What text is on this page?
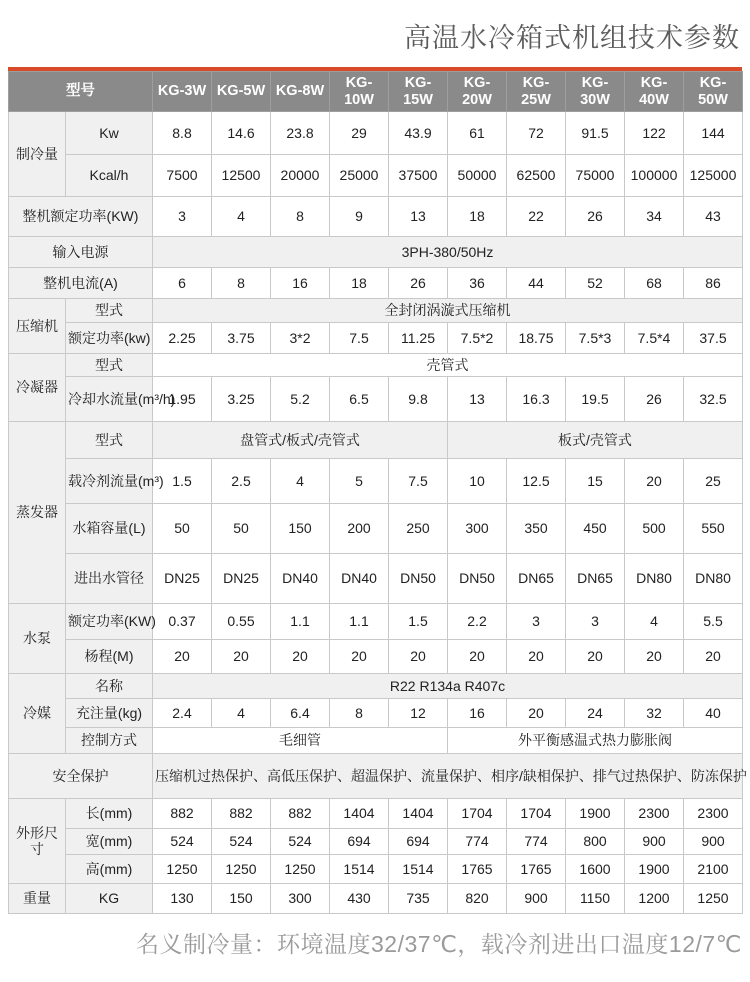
高温水冷箱式机组技术参数
型号		KG-3W	KG-5W	KG-8W	KG-10W	KG-15W	KG-20W	KG-25W	KG-30W	KG-40W	KG-50W
制冷量	Kw	8.8	14.6	23.8	29	43.9	61	72	91.5	122	144
	Kcal/h	7500	12500	20000	25000	37500	50000	62500	75000	100000	125000
整机额定功率(KW)		3	4	8	9	13	18	22	26	34	43
输入电源		3PH-380/50Hz									
整机电流(A)		6	8	16	18	26	36	44	52	68	86
压缩机	型式	全封闭涡漩式压缩机									
	额定功率(kw)	2.25	3.75	3*2	7.5	11.25	7.5*2	18.75	7.5*3	7.5*4	37.5
冷凝器	型式	壳管式									
	冷却水流量(m³/h)	1.95	3.25	5.2	6.5	9.8	13	16.3	19.5	26	32.5
蒸发器	型式	盘管式/板式/壳管式					板式/壳管式				
	载冷剂流量(m³)	1.5	2.5	4	5	7.5	10	12.5	15	20	25
	水箱容量(L)	50	50	150	200	250	300	350	450	500	550
	进出水管径	DN25	DN25	DN40	DN40	DN50	DN50	DN65	DN65	DN80	DN80
水泵	额定功率(KW)	0.37	0.55	1.1	1.1	1.5	2.2	3	3	4	5.5
	杨程(M)	20	20	20	20	20	20	20	20	20	20
冷媒	名称	R22 R134a R407c									
	充注量(kg)	2.4	4	6.4	8	12	16	20	24	32	40
	控制方式	毛细管					外平衡感温式热力膨胀阀				
安全保护		压缩机过热保护、高低压保护、超温保护、流量保护、相序/缺相保护、排气过热保护、防冻保护									
外形尺寸	长(mm)	882	882	882	1404	1404	1704	1704	1900	2300	2300
	宽(mm)	524	524	524	694	694	774	774	800	900	900
	高(mm)	1250	1250	1250	1514	1514	1765	1765	1600	1900	2100
重量	KG	130	150	300	430	735	820	900	1150	1200	1250
名义制冷量：环境温度32/37℃，载冷剂进出口温度12/7℃
